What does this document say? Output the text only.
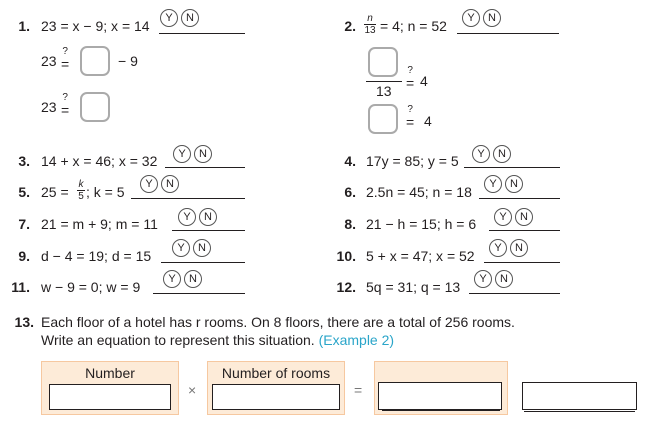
1. 23 = x − 9; x = 14	Y	N
23
?
=	− 9
23
?
=
2. n
13 = 4; n = 52	Y	N
13
?
= 4
?
= 4
3. 14 + x = 46; x = 32	Y	N	4. 17y = 85; y = 5	Y	N
5. 25 = k
5 ; k = 5	Y	N	6. 2.5n = 45; n = 18	Y	N
7. 21 = m + 9; m = 11	Y	N	8. 21 − h = 15; h = 6	Y	N
9. d − 4 = 19; d = 15	Y	N	10. 5 + x = 47; x = 52	Y	N
11. w − 9 = 0; w = 9	Y	N	12. 5q = 31; q = 13	Y	N
13. Each floor of a hotel has r rooms. On 8 floors, there are a total of 256 rooms.
Write an equation to represent this situation. (Example 2)
Number
×
Number of rooms
=
